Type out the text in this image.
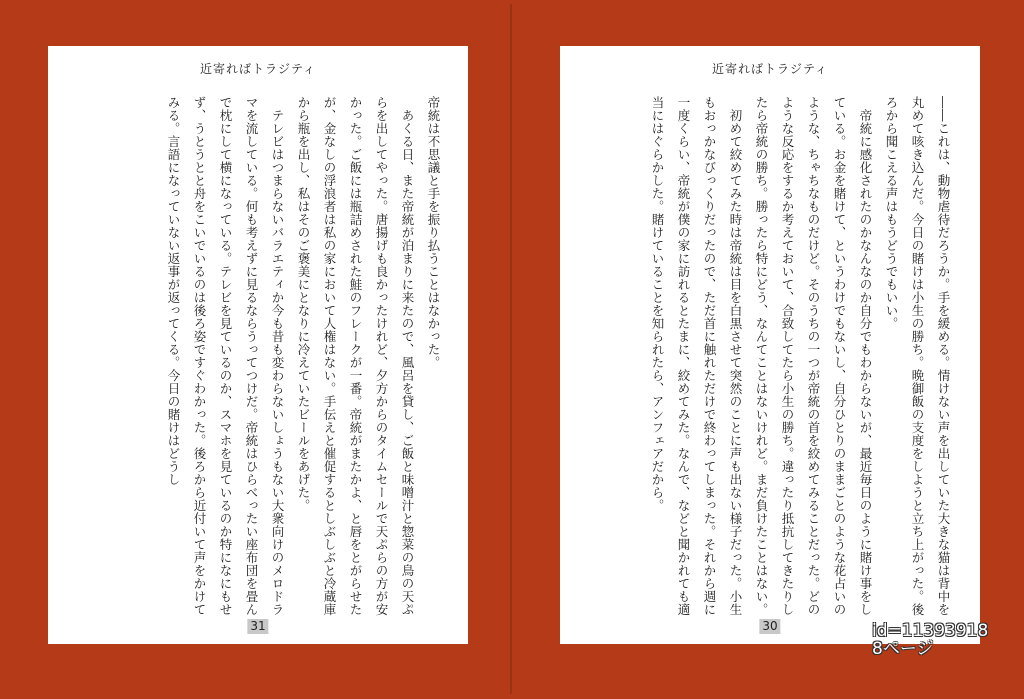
近寄ればトラジティ

帝統は不思議と手を振り払うことはなかった。

あくる日、また帝統が泊まりに来たので、風呂を貸し、ご飯と味噌汁と惣菜の鳥の天ぷらを出してやった。唐揚げも良かったけれど、夕方からのタイムセールで天ぷらの方が安かった。ご飯には瓶詰めされた鮭のフレークが一番。帝統がまたかよ、と唇をとがらせたが、金なしの浮浪者は私の家において人権はない。手伝えと催促するとしぶしぶと冷蔵庫から瓶を出し、私はそのご褒美にとなりに冷えていたビールをあげた。

テレビはつまらないバラエティか今も昔も変わらないしょうもない大衆向けのメロドラマを流している。何も考えずに見るならうってつけだ。帝統はひらべったい座布団を畳んで枕にして横になっている。テレビを見ているのか、スマホを見ているのか特になにもせず、うとうとと舟をこいでいるのは後ろ姿ですぐわかった。後ろから近付いて声をかけてみる。言語になっていない返事が返ってくる。今日の賭けはどうし

31
近寄ればトラジティ

――これは、動物虐待だろうか。手を緩める。情けない声を出していた大きな猫は背中を丸めて咳き込んだ。今日の賭けは小生の勝ち。晩御飯の支度をしようと立ち上がった。後ろから聞こえる声はもうどうでもいい。

帝統に感化されたのかなんなのか自分でもわからないが、最近毎日のように賭け事をしている。お金を賭けて、というわけでもないし、自分ひとりのままごとのような花占いのような、ちゃちなものだけど。そのうちの一つが帝統の首を絞めてみることだった。どのような反応をするか考えておいて、合致してたら小生の勝ち。違ったり抵抗してきたりしたら帝統の勝ち。勝ったら特にどう、なんてことはないけれど。まだ負けたことはない。

初めて絞めてみた時は帝統は目を白黒させて突然のことに声も出ない様子だった。小生もおっかなびっくりだったので、ただ首に触れただけで終わってしまった。それから週に一度くらい、帝統が僕の家に訪れるとたまに、絞めてみた。なんで、などと聞かれても適当にはぐらかした。賭けていることを知られたら、アンフェアだから。

30	id=11393918
8ページ
